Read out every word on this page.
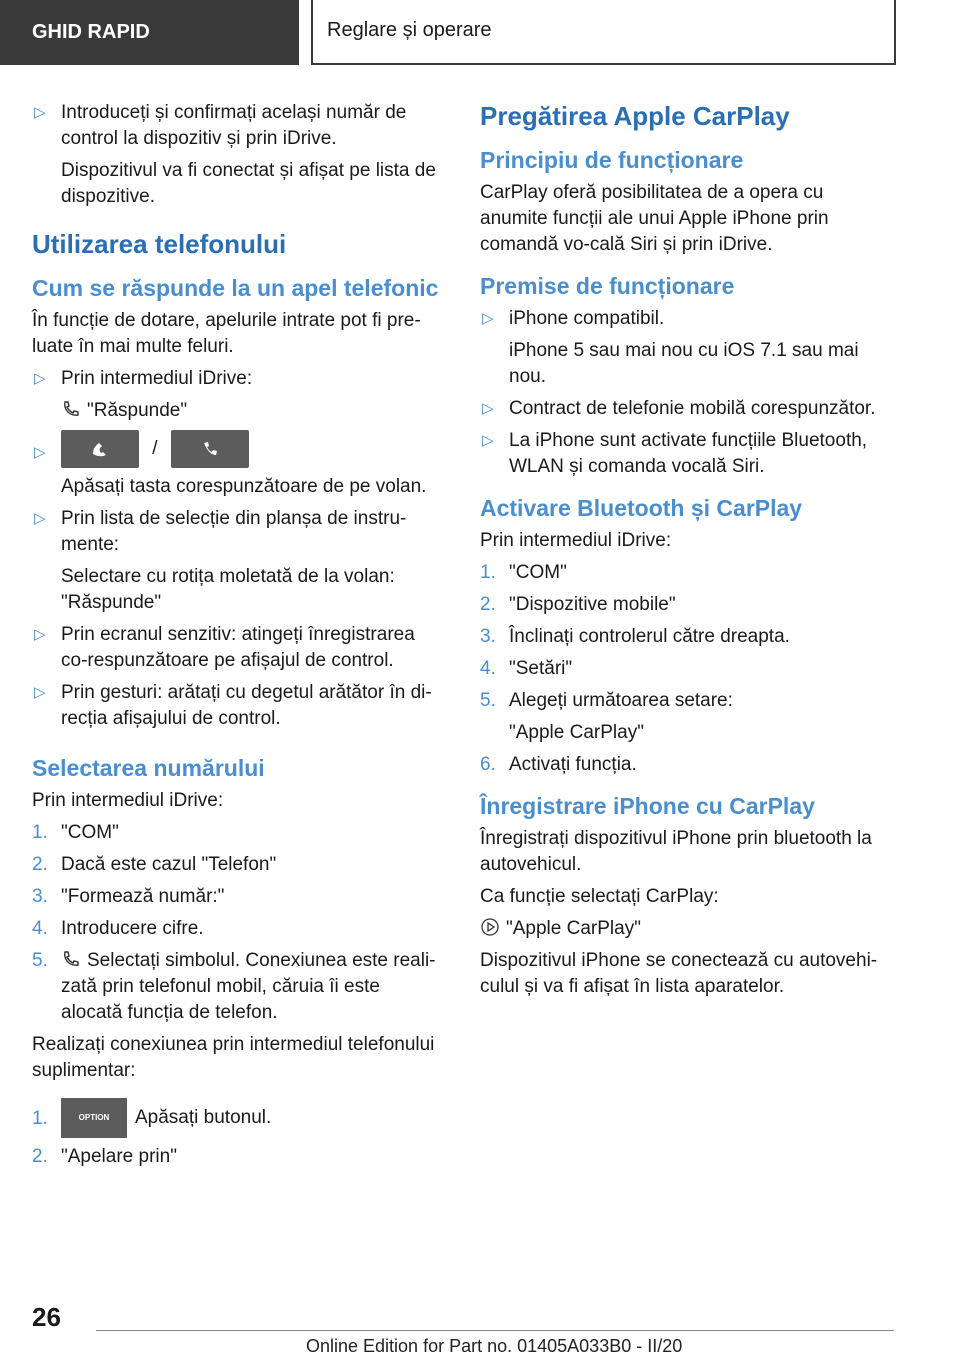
GHID RAPID	Reglare și operare
▷ Introduceți și confirmați același număr de control la dispozitiv și prin iDrive.

Dispozitivul va fi conectat și afișat pe lista de dispozitive.

Utilizarea telefonului
Cum se răspunde la un apel telefonic

În funcție de dotare, apelurile intrate pot fi pre-luate în mai multe feluri.

▷ Prin intermediul iDrive:

"Răspunde"

▷	/

Apăsați tasta corespunzătoare de pe volan.

▷ Prin lista de selecție din planșa de instru-mente:

Selectare cu rotița moletată de la volan: "Răspunde"

▷ Prin ecranul senzitiv: atingeți înregistrarea co-respunzătoare pe afișajul de control.
▷ Prin gesturi: arătați cu degetul arătător în di-recția afișajului de control.
Selectarea numărului

Prin intermediul iDrive:

1. "COM"
2. Dacă este cazul "Telefon"
3. "Formează număr:"
4. Introducere cifre.
5. Selectați simbolul. Conexiunea este reali-zată prin telefonul mobil, căruia îi este alocată funcția de telefon.

Realizați conexiunea prin intermediul telefonului suplimentar:

1.	OPTION Apăsați butonul.
2. "Apelare prin"
Pregătirea Apple CarPlay
Principiu de funcționare

CarPlay oferă posibilitatea de a opera cu anumite funcții ale unui Apple iPhone prin comandă vo-cală Siri și prin iDrive.

Premise de funcționare
▷ iPhone compatibil.

iPhone 5 sau mai nou cu iOS 7.1 sau mai nou.

▷ Contract de telefonie mobilă corespunzător.
▷ La iPhone sunt activate funcțiile Bluetooth, WLAN și comanda vocală Siri.
Activare Bluetooth și CarPlay

Prin intermediul iDrive:

1. "COM"
2. "Dispozitive mobile"
3. Înclinați controlerul către dreapta.
4. "Setări"
5. Alegeți următoarea setare:

"Apple CarPlay"

6. Activați funcția.
Înregistrare iPhone cu CarPlay

Înregistrați dispozitivul iPhone prin bluetooth la autovehicul.

Ca funcție selectați CarPlay:

"Apple CarPlay"

Dispozitivul iPhone se conectează cu autovehi-culul și va fi afișat în lista aparatelor.

26
Online Edition for Part no. 01405A033B0 - II/20
